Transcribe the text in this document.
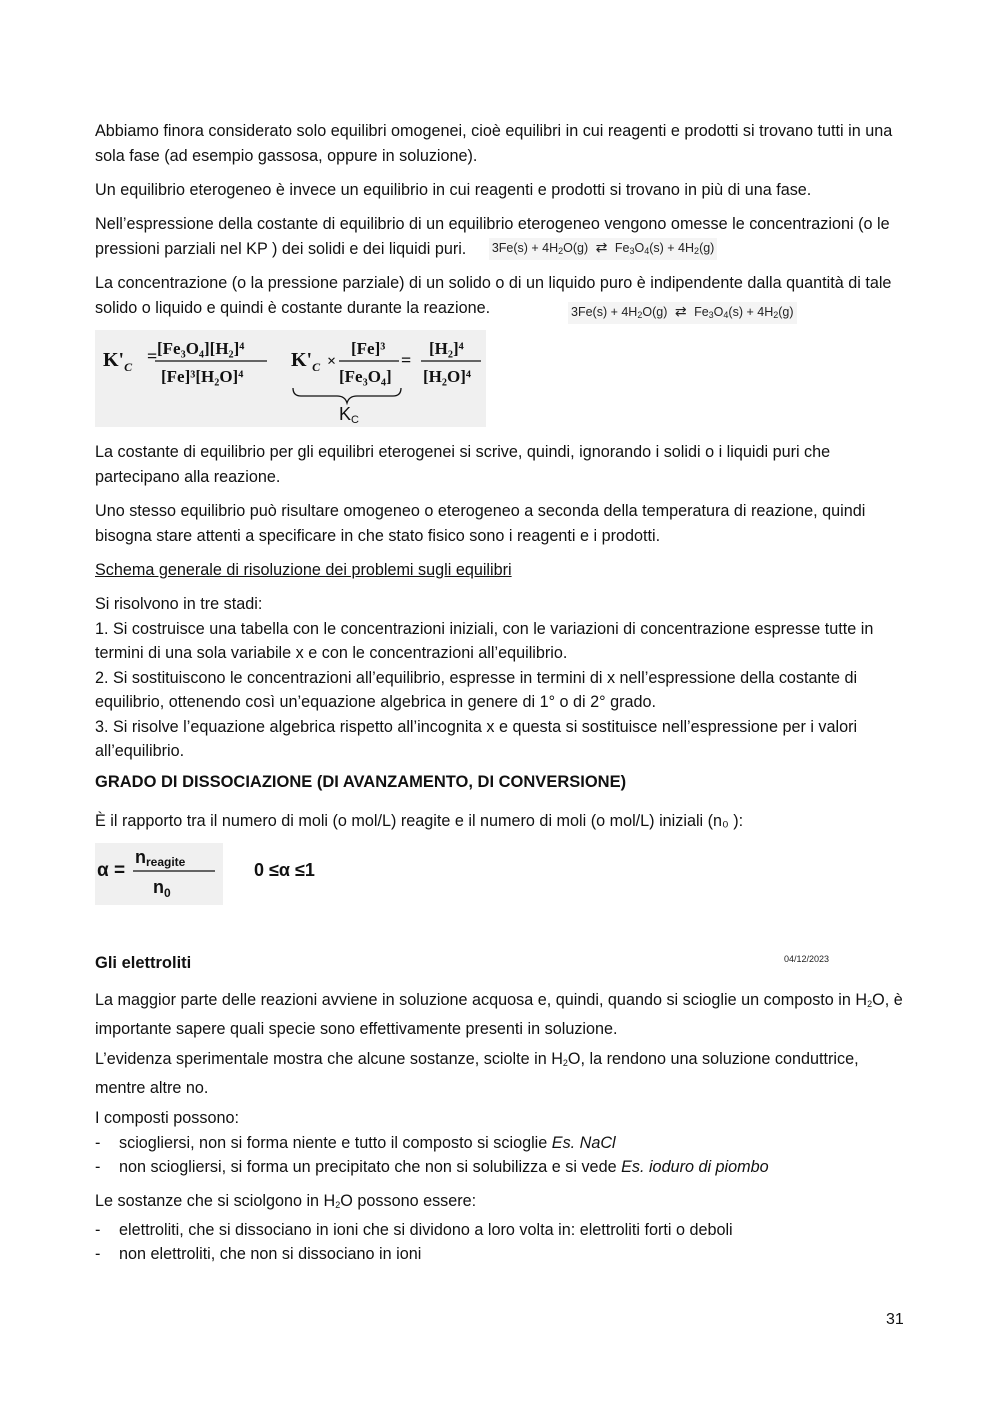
Abbiamo finora considerato solo equilibri omogenei, cioè equilibri in cui reagenti e prodotti si trovano tutti in una sola fase (ad esempio gassosa, oppure in soluzione).

Un equilibrio eterogeneo è invece un equilibrio in cui reagenti e prodotti si trovano in più di una fase.

Nell’espressione della costante di equilibrio di un equilibrio eterogeneo vengono omesse le concentrazioni (o le pressioni parziali nel KP ) dei solidi e dei liquidi puri. $3Fe(s) + 4H_2O(g)$ ⇄ $Fe_3O_4(s) + 4H_2(g)$

La concentrazione (o la pressione parziale) di un solido o di un liquido puro è indipendente dalla quantità di tale solido o liquido e quindi è costante durante la reazione.	$3Fe(s) + 4H_2O(g)$ ⇄ $Fe_3O_4(s) + 4H_2(g)$
$K'_C$
= [Fe₃O₄][H₂]⁴
[Fe]³[H₂O]⁴
$K'_C$ ×
[Fe]³
[Fe₃O₄]
=
[H₂]⁴
[H₂O]⁴
KC

La costante di equilibrio per gli equilibri eterogenei si scrive, quindi, ignorando i solidi o i liquidi puri che partecipano alla reazione.

Uno stesso equilibrio può risultare omogeneo o eterogeneo a seconda della temperatura di reazione, quindi bisogna stare attenti a specificare in che stato fisico sono i reagenti e i prodotti.

Schema generale di risoluzione dei problemi sugli equilibri

Si risolvono in tre stadi:
1. Si costruisce una tabella con le concentrazioni iniziali, con le variazioni di concentrazione espresse tutte in termini di una sola variabile x e con le concentrazioni all’equilibrio.
2. Si sostituiscono le concentrazioni all’equilibrio, espresse in termini di x nell’espressione della costante di equilibrio, ottenendo così un’equazione algebrica in genere di 1° o di 2° grado.
3. Si risolve l’equazione algebrica rispetto all’incognita x e questa si sostituisce nell’espressione per i valori all’equilibrio.
GRADO DI DISSOCIAZIONE (DI AVANZAMENTO, DI CONVERSIONE)

È il rapporto tra il numero di moli (o mol/L) reagite e il numero di moli (o mol/L) iniziali (n₀ ):

α =
nreagite
$n_0$
0 ≤α ≤1
Gli elettroliti	04/12/2023

La maggior parte delle reazioni avviene in soluzione acquosa e, quindi, quando si scioglie un composto in $H_2O$, è importante sapere quali specie sono effettivamente presenti in soluzione.

L’evidenza sperimentale mostra che alcune sostanze, sciolte in $H_2O$, la rendono una soluzione conduttrice, mentre altre no.

I composti possono:
-	sciogliersi, non si forma niente e tutto il composto si scioglie Es. NaCl
-	non sciogliersi, si forma un precipitato che non si solubilizza e si vede Es. ioduro di piombo
Le sostanze che si sciolgono in $H_2O$ possono essere:
-	elettroliti, che si dissociano in ioni che si dividono a loro volta in: elettroliti forti o deboli
-	non elettroliti, che non si dissociano in ioni
31
